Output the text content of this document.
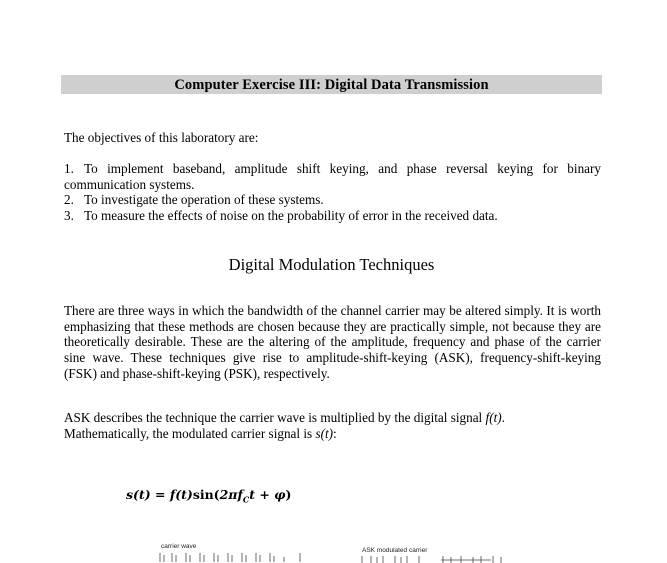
Computer Exercise III: Digital Data Transmission
The objectives of this laboratory are:
1. To implement baseband, amplitude shift keying, and phase reversal keying for binary communication systems.
2. To investigate the operation of these systems.
3. To measure the effects of noise on the probability of error in the received data.
Digital Modulation Techniques
There are three ways in which the bandwidth of the channel carrier may be altered simply. It is worth emphasizing that these methods are chosen because they are practically simple, not because they are theoretically desirable. These are the altering of the amplitude, frequency and phase of the carrier sine wave. These techniques give rise to amplitude-shift-keying (ASK), frequency-shift-keying (FSK) and phase-shift-keying (PSK), respectively.
ASK describes the technique the carrier wave is multiplied by the digital signal f(t).
Mathematically, the modulated carrier signal is s(t):
$s(t) = f(t)\sin(2\pi f_Ct + \varphi)$
carrier wave
ASK modulated carrier
